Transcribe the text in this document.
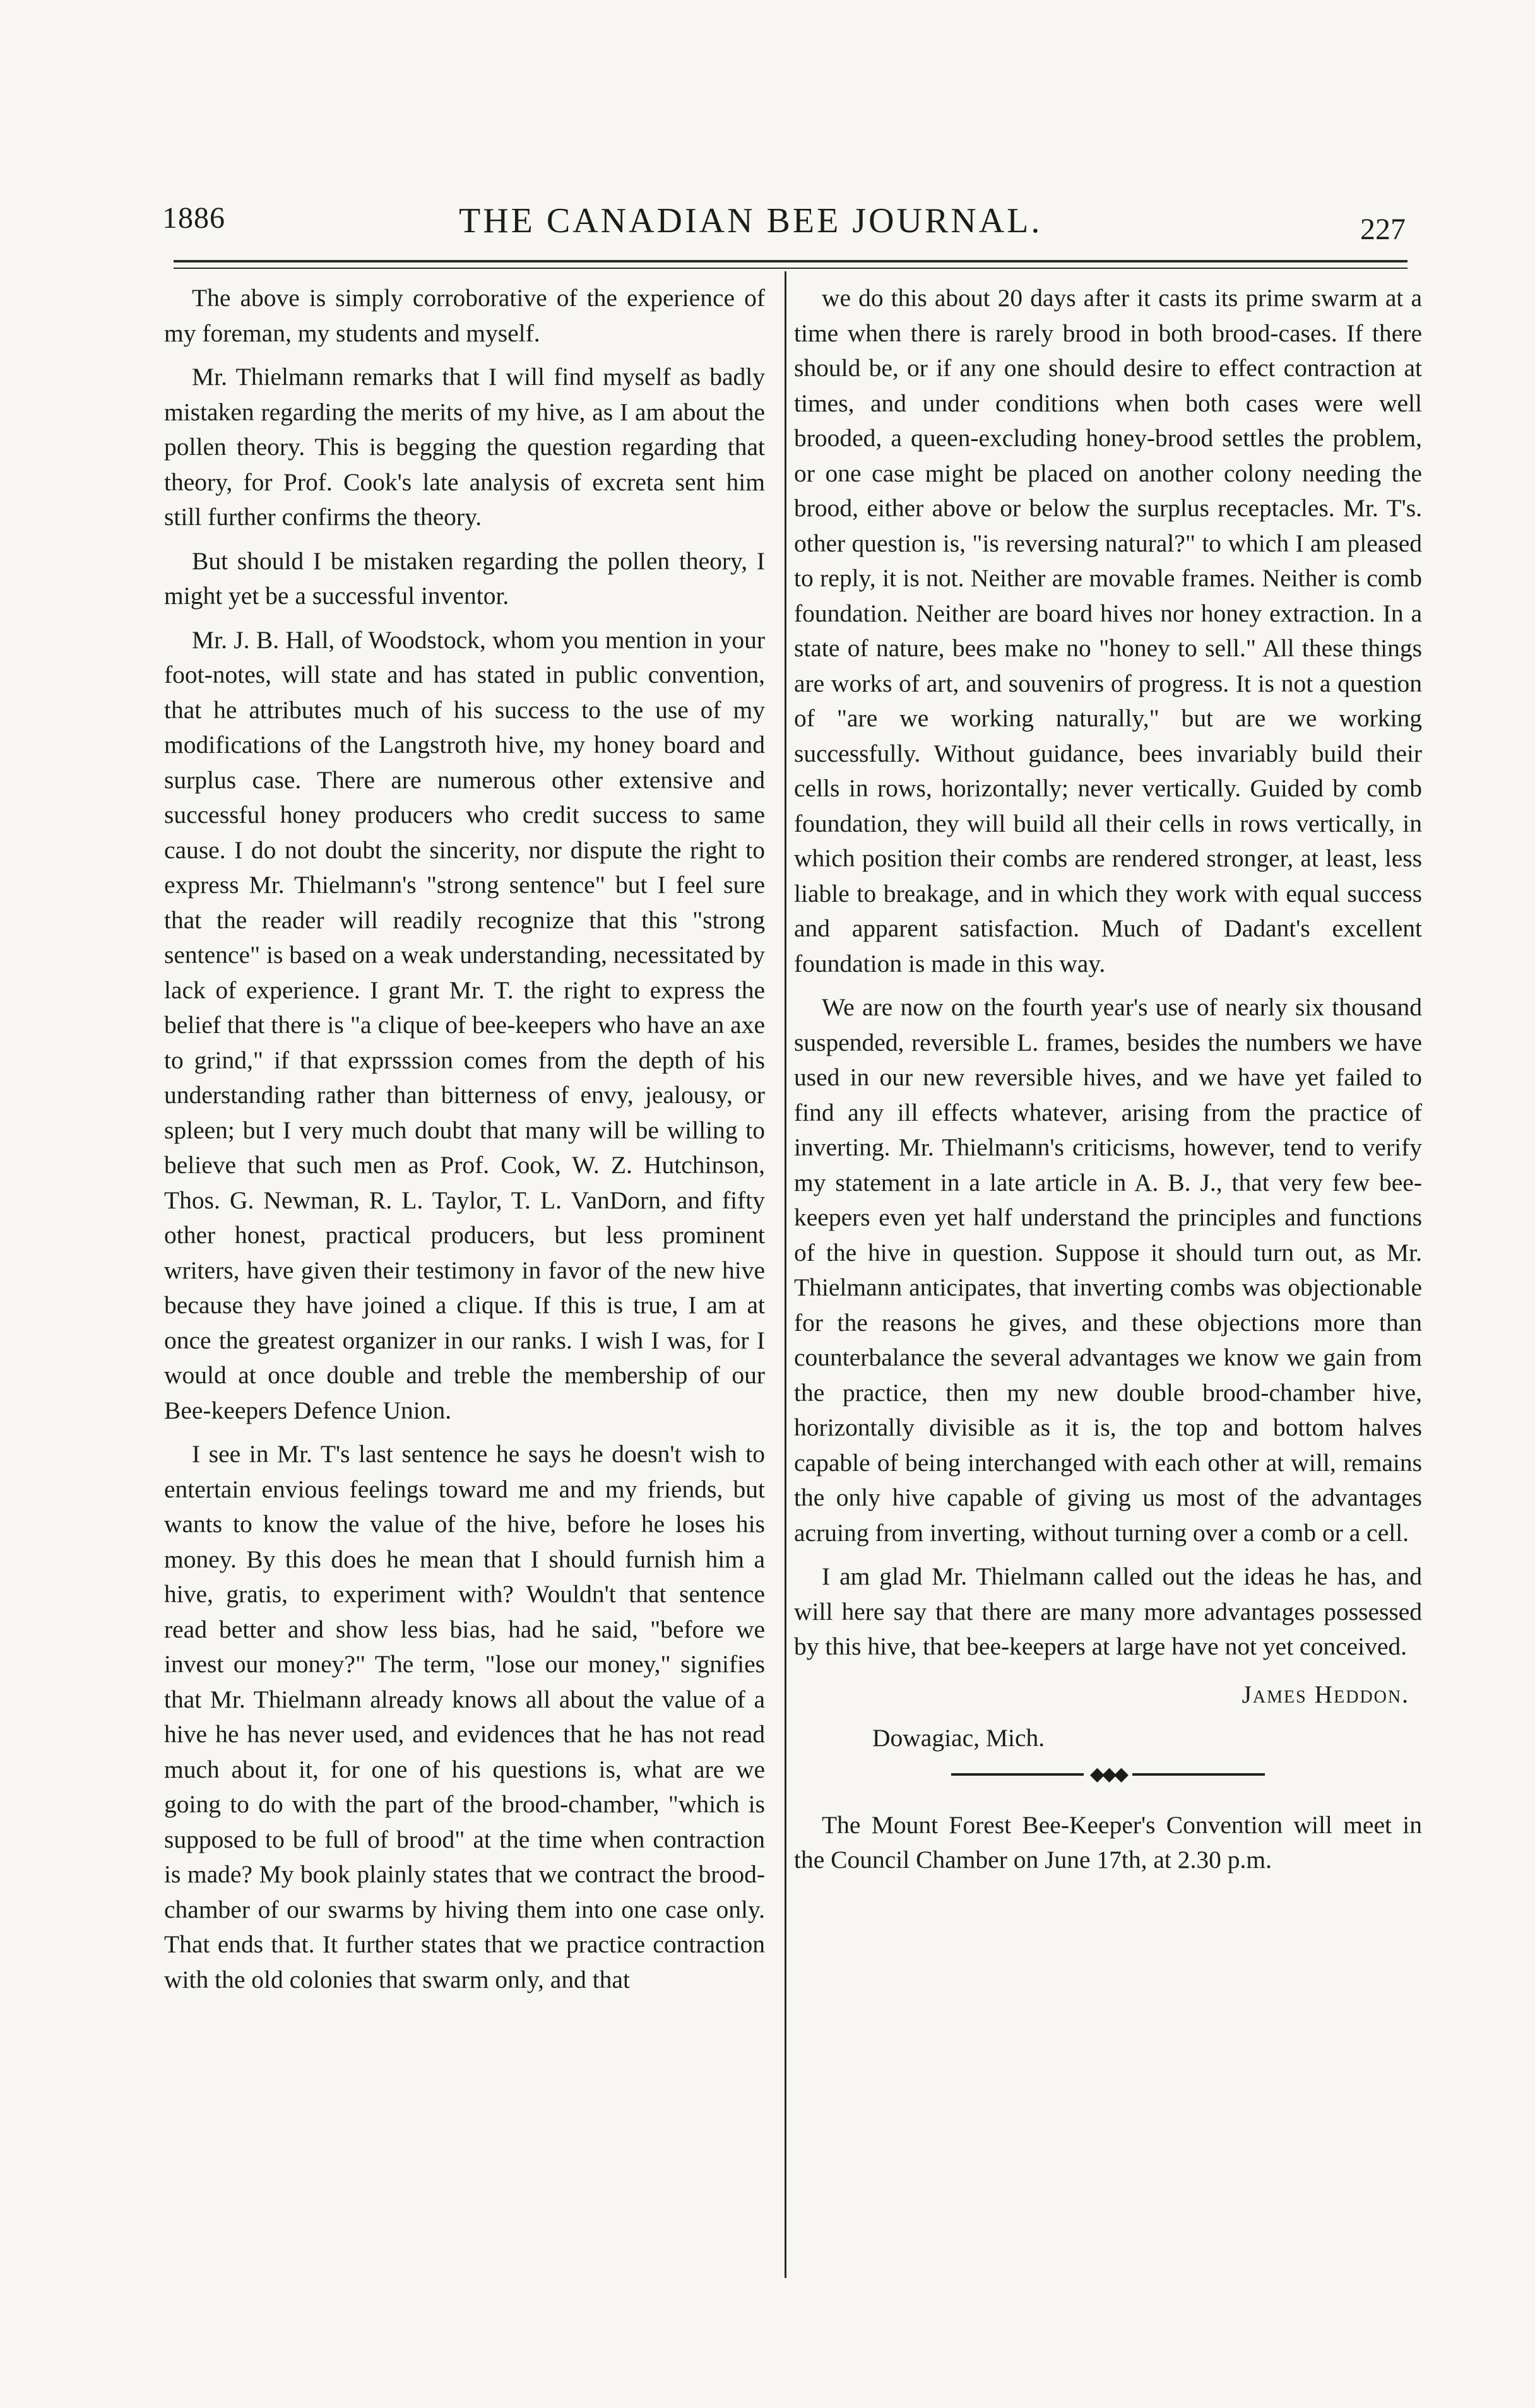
1886	THE CANADIAN BEE JOURNAL.	227

The above is simply corroborative of the experience of my foreman, my students and myself.

Mr. Thielmann remarks that I will find myself as badly mistaken regarding the merits of my hive, as I am about the pollen theory. This is begging the question regarding that theory, for Prof. Cook's late analysis of excreta sent him still further confirms the theory.

But should I be mistaken regarding the pollen theory, I might yet be a successful inventor.

Mr. J. B. Hall, of Woodstock, whom you mention in your foot-notes, will state and has stated in public convention, that he attributes much of his success to the use of my modifications of the Langstroth hive, my honey board and surplus case. There are numerous other extensive and successful honey producers who credit success to same cause. I do not doubt the sincerity, nor dispute the right to express Mr. Thielmann's "strong sentence" but I feel sure that the reader will readily recognize that this "strong sentence" is based on a weak understanding, necessitated by lack of experience. I grant Mr. T. the right to express the belief that there is "a clique of bee-keepers who have an axe to grind," if that exprsssion comes from the depth of his understanding rather than bitterness of envy, jealousy, or spleen; but I very much doubt that many will be willing to believe that such men as Prof. Cook, W. Z. Hutchinson, Thos. G. Newman, R. L. Taylor, T. L. VanDorn, and fifty other honest, practical producers, but less prominent writers, have given their testimony in favor of the new hive because they have joined a clique. If this is true, I am at once the greatest organizer in our ranks. I wish I was, for I would at once double and treble the membership of our Bee-keepers Defence Union.

I see in Mr. T's last sentence he says he doesn't wish to entertain envious feelings toward me and my friends, but wants to know the value of the hive, before he loses his money. By this does he mean that I should furnish him a hive, gratis, to experiment with? Wouldn't that sentence read better and show less bias, had he said, "before we invest our money?" The term, "lose our money," signifies that Mr. Thielmann already knows all about the value of a hive he has never used, and evidences that he has not read much about it, for one of his questions is, what are we going to do with the part of the brood-chamber, "which is supposed to be full of brood" at the time when contraction is made? My book plainly states that we contract the brood-chamber of our swarms by hiving them into one case only. That ends that. It further states that we practice contraction with the old colonies that swarm only, and that

we do this about 20 days after it casts its prime swarm at a time when there is rarely brood in both brood-cases. If there should be, or if any one should desire to effect contraction at times, and under conditions when both cases were well brooded, a queen-excluding honey-brood settles the problem, or one case might be placed on another colony needing the brood, either above or below the surplus receptacles. Mr. T's. other question is, "is reversing natural?" to which I am pleased to reply, it is not. Neither are movable frames. Neither is comb foundation. Neither are board hives nor honey extraction. In a state of nature, bees make no "honey to sell." All these things are works of art, and souvenirs of progress. It is not a question of "are we working naturally," but are we working successfully. Without guidance, bees invariably build their cells in rows, horizontally; never vertically. Guided by comb foundation, they will build all their cells in rows vertically, in which position their combs are rendered stronger, at least, less liable to breakage, and in which they work with equal success and apparent satisfaction. Much of Dadant's excellent foundation is made in this way.

We are now on the fourth year's use of nearly six thousand suspended, reversible L. frames, besides the numbers we have used in our new reversible hives, and we have yet failed to find any ill effects whatever, arising from the practice of inverting. Mr. Thielmann's criticisms, however, tend to verify my statement in a late article in A. B. J., that very few bee-keepers even yet half understand the principles and functions of the hive in question. Suppose it should turn out, as Mr. Thielmann anticipates, that inverting combs was objectionable for the reasons he gives, and these objections more than counterbalance the several advantages we know we gain from the practice, then my new double brood-chamber hive, horizontally divisible as it is, the top and bottom halves capable of being interchanged with each other at will, remains the only hive capable of giving us most of the advantages acruing from inverting, without turning over a comb or a cell.

I am glad Mr. Thielmann called out the ideas he has, and will here say that there are many more advantages possessed by this hive, that bee-keepers at large have not yet conceived.

James Heddon.

Dowagiac, Mich.

◆◆◆

The Mount Forest Bee-Keeper's Convention will meet in the Council Chamber on June 17th, at 2.30 p.m.
